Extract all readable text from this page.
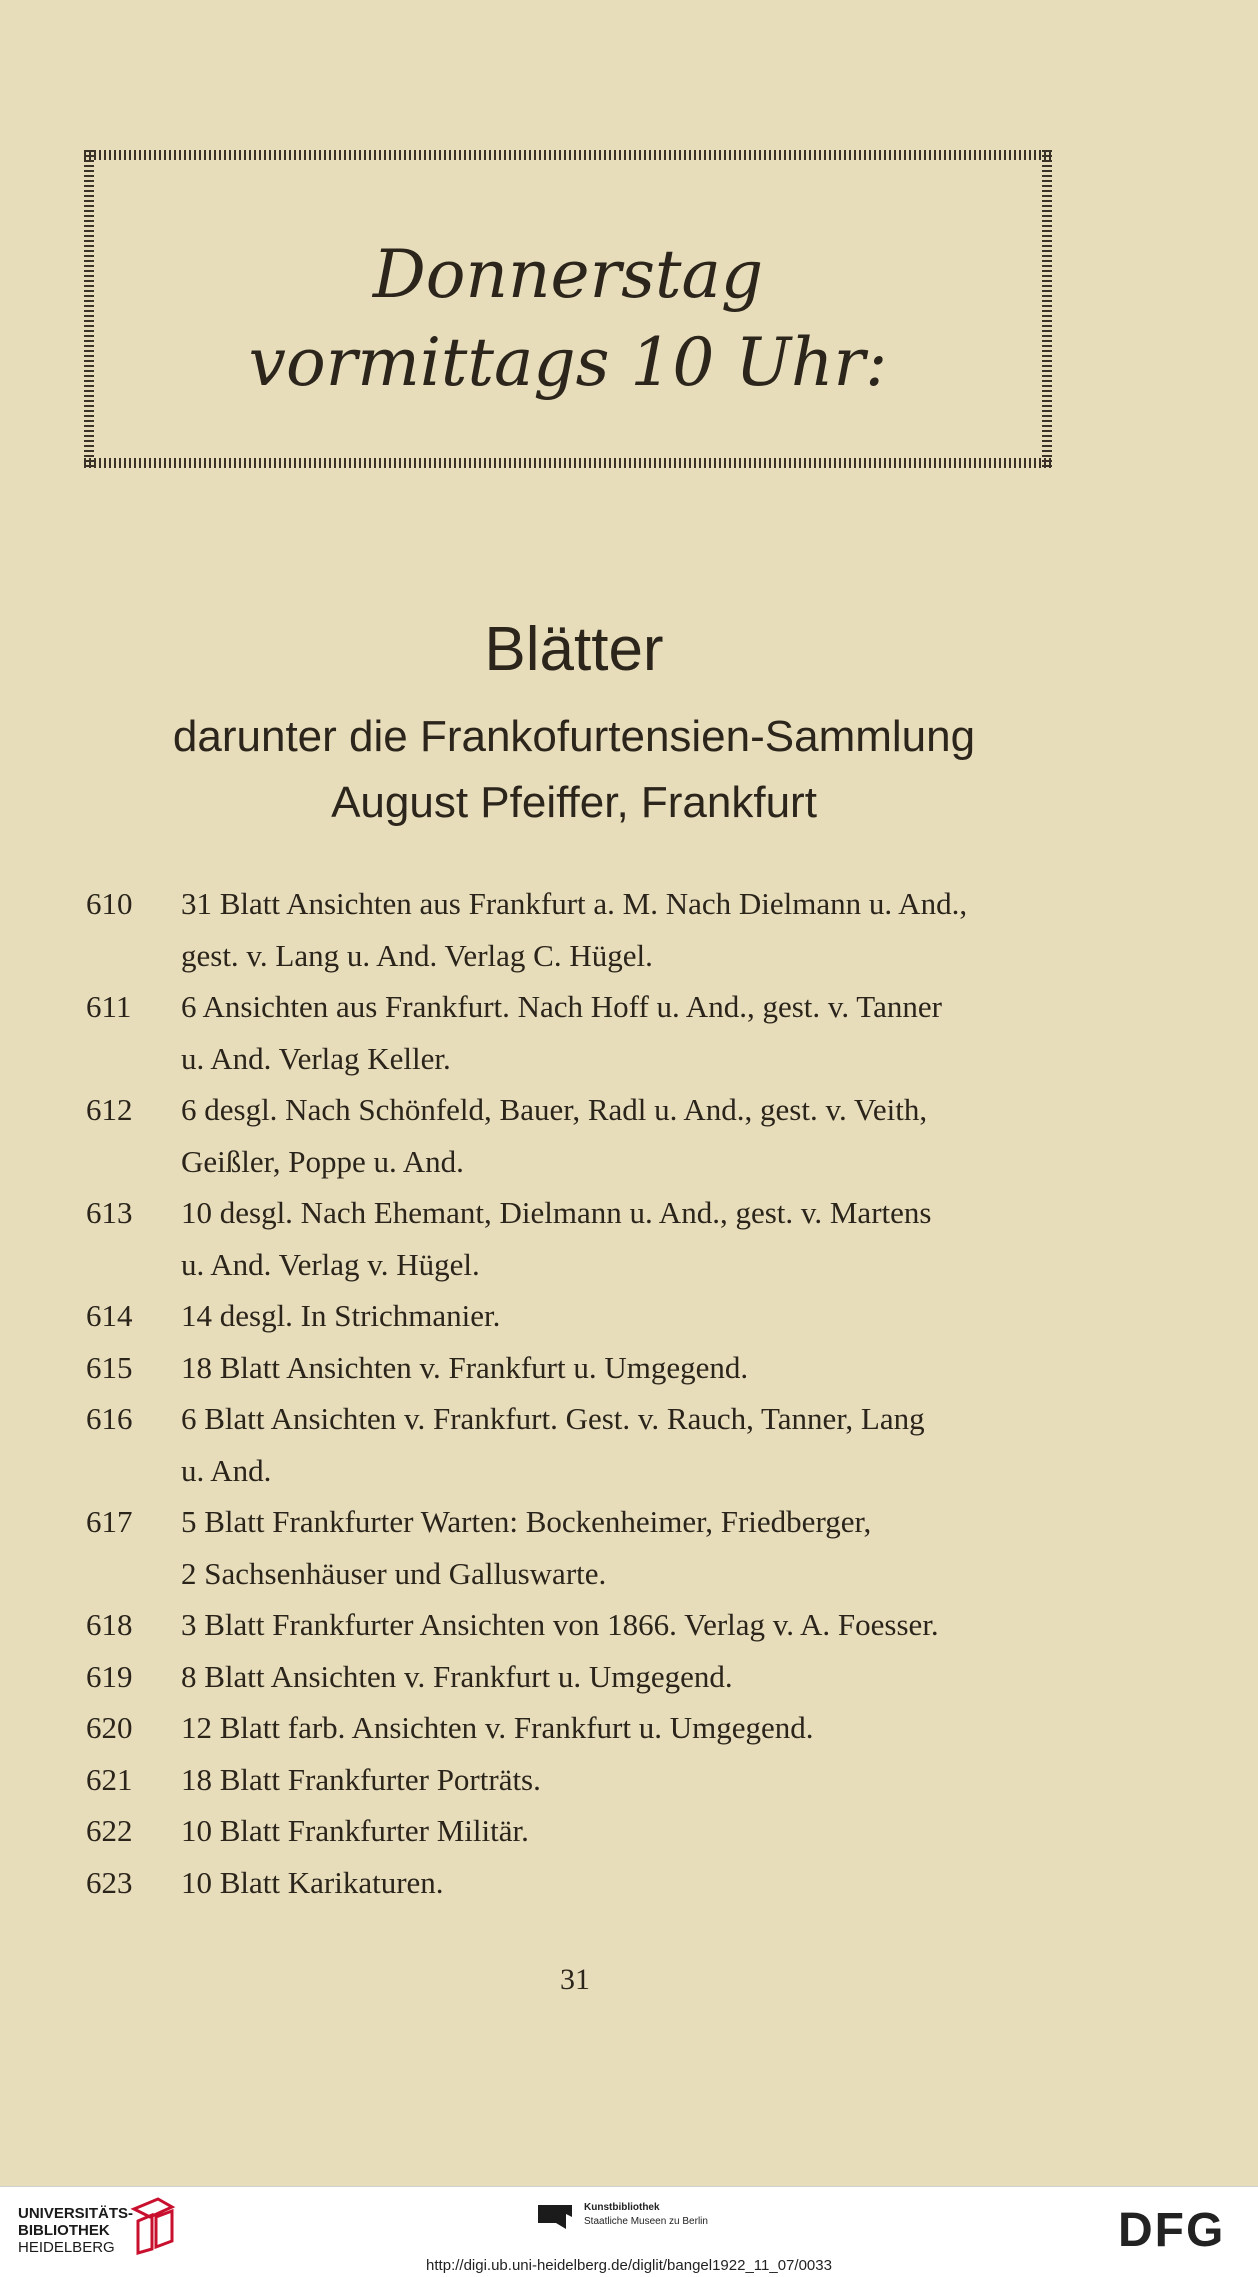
Donnerstag
vormittags 10 Uhr:
Blätter
darunter die Frankofurtensien-Sammlung
August Pfeiffer, Frankfurt
610	31 Blatt Ansichten aus Frankfurt a. M. Nach Dielmann u. And.,
gest. v. Lang u. And. Verlag C. Hügel.
611	6 Ansichten aus Frankfurt. Nach Hoff u. And., gest. v. Tanner
u. And. Verlag Keller.
612	6 desgl. Nach Schönfeld, Bauer, Radl u. And., gest. v. Veith,
Geißler, Poppe u. And.
613	10 desgl. Nach Ehemant, Dielmann u. And., gest. v. Martens
u. And. Verlag v. Hügel.
614	14 desgl. In Strichmanier.
615	18 Blatt Ansichten v. Frankfurt u. Umgegend.
616	6 Blatt Ansichten v. Frankfurt. Gest. v. Rauch, Tanner, Lang
u. And.
617	5 Blatt Frankfurter Warten: Bockenheimer, Friedberger,
2 Sachsenhäuser und Galluswarte.
618	3 Blatt Frankfurter Ansichten von 1866. Verlag v. A. Foesser.
619	8 Blatt Ansichten v. Frankfurt u. Umgegend.
620	12 Blatt farb. Ansichten v. Frankfurt u. Umgegend.
621	18 Blatt Frankfurter Porträts.
622	10 Blatt Frankfurter Militär.
623	10 Blatt Karikaturen.
31
UNIVERSITÄTS-
BIBLIOTHEK
HEIDELBERG
Kunstbibliothek
Staatliche Museen zu Berlin	DFG
http://digi.ub.uni-heidelberg.de/diglit/bangel1922_11_07/0033
